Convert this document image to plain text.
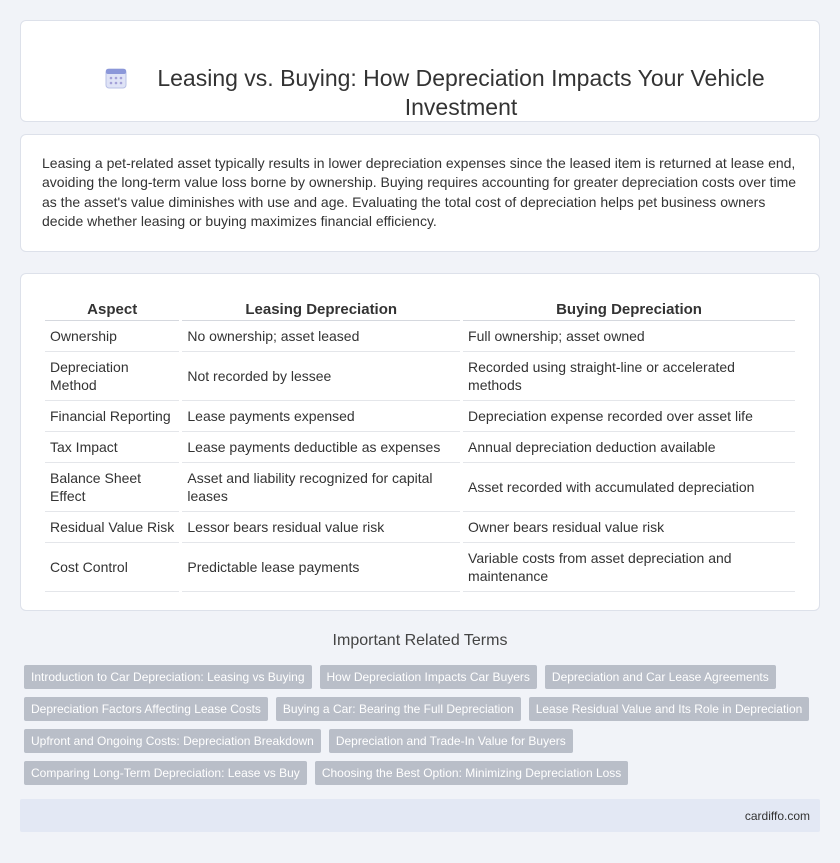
Leasing vs. Buying: How Depreciation Impacts Your Vehicle Investment

Leasing a pet-related asset typically results in lower depreciation expenses since the leased item is returned at lease end, avoiding the long-term value loss borne by ownership. Buying requires accounting for greater depreciation costs over time as the asset's value diminishes with use and age. Evaluating the total cost of depreciation helps pet business owners decide whether leasing or buying maximizes financial efficiency.

Aspect	Leasing Depreciation	Buying Depreciation
Ownership	No ownership; asset leased	Full ownership; asset owned
Depreciation Method	Not recorded by lessee	Recorded using straight-line or accelerated methods
Financial Reporting	Lease payments expensed	Depreciation expense recorded over asset life
Tax Impact	Lease payments deductible as expenses	Annual depreciation deduction available
Balance Sheet Effect	Asset and liability recognized for capital leases	Asset recorded with accumulated depreciation
Residual Value Risk	Lessor bears residual value risk	Owner bears residual value risk
Cost Control	Predictable lease payments	Variable costs from asset depreciation and maintenance
Important Related Terms
Introduction to Car Depreciation: Leasing vs Buying	How Depreciation Impacts Car Buyers	Depreciation and Car Lease Agreements
Depreciation Factors Affecting Lease Costs	Buying a Car: Bearing the Full Depreciation	Lease Residual Value and Its Role in Depreciation
Upfront and Ongoing Costs: Depreciation Breakdown	Depreciation and Trade-In Value for Buyers
Comparing Long-Term Depreciation: Lease vs Buy	Choosing the Best Option: Minimizing Depreciation Loss
cardiffo.com
